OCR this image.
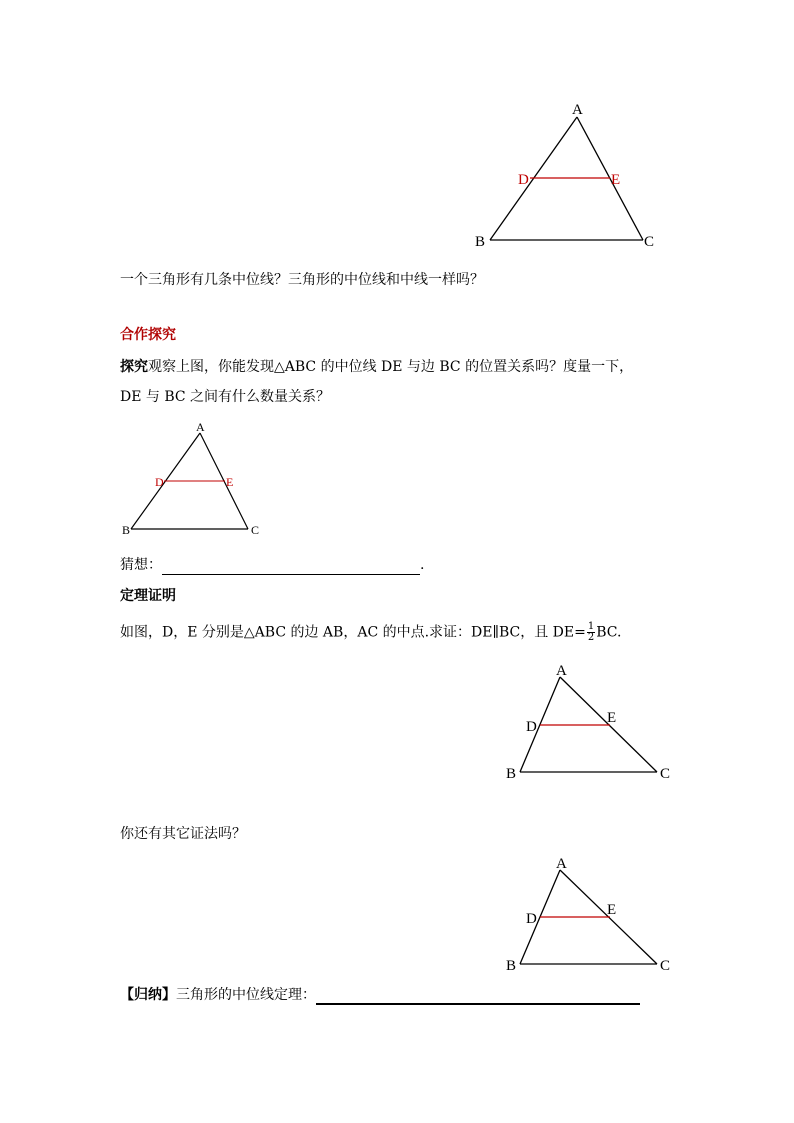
A
B	C
D	E
一个三角形有几条中位线？三角形的中位线和中线一样吗？
合作探究
探究观察上图，你能发现△ABC 的中位线 DE 与边 BC 的位置关系吗？度量一下，
DE 与 BC 之间有什么数量关系？
A
B	C
D	E
猜想：	.
定理证明
如图，D，E 分别是△ABC 的边 AB，AC 的中点.求证：DE∥BC，且 $DE= \frac{1}{2}$ BC.
A
B	C
D
E
你还有其它证法吗？
A
B	C
D
E
【归纳】三角形的中位线定理：
